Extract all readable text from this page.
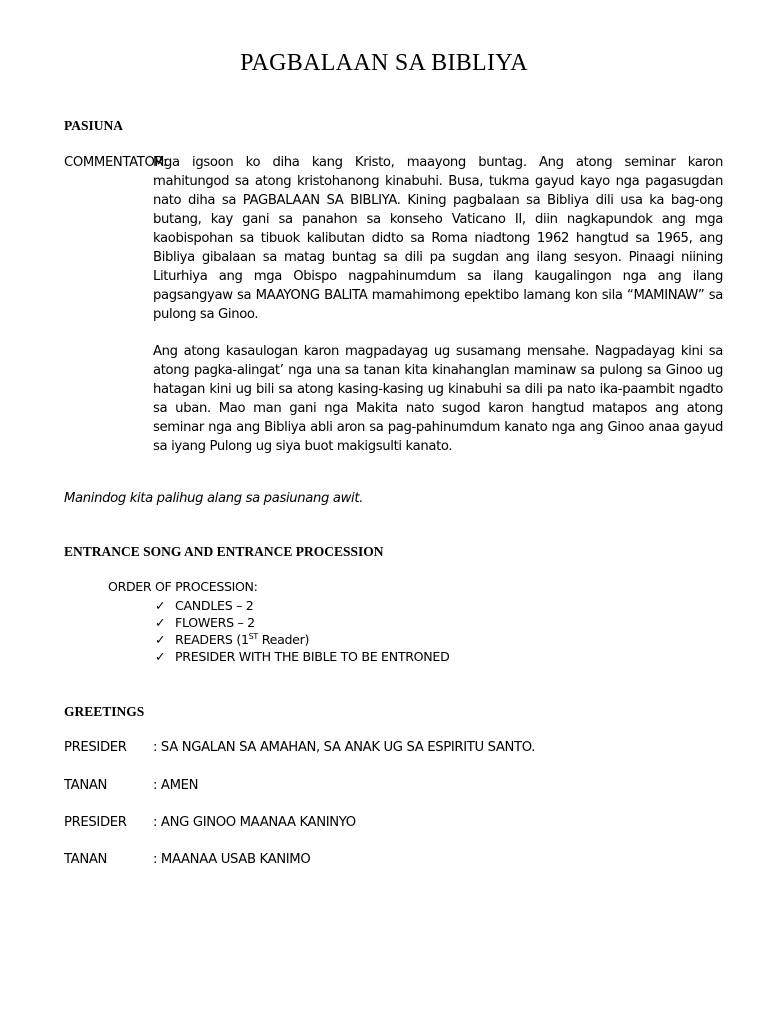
PAGBALAAN SA BIBLIYA
PASIUNA
COMMENTATOR:Mga igsoon ko diha kang Kristo, maayong buntag. Ang atong seminar karon
mahitungod sa atong kristohanong kinabuhi. Busa, tukma gayud kayo nga pagasugdan nato diha sa PAGBALAAN SA BIBLIYA. Kining pagbalaan sa Bibliya dili usa ka bag-ong butang, kay gani sa panahon sa konseho Vaticano II, diin nagkapundok ang mga kaobispohan sa tibuok kalibutan didto sa Roma niadtong 1962 hangtud sa 1965, ang Bibliya gibalaan sa matag buntag sa dili pa sugdan ang ilang sesyon. Pinaagi niining Liturhiya ang mga Obispo nagpahinumdum sa ilang kaugalingon nga ang ilang pagsangyaw sa MAAYONG BALITA mamahimong epektibo lamang kon sila “MAMINAW” sa pulong sa Ginoo.
Ang atong kasaulogan karon magpadayag ug susamang mensahe. Nagpadayag kini sa atong pagka-alingat’ nga una sa tanan kita kinahanglan maminaw sa pulong sa Ginoo ug hatagan kini ug bili sa atong kasing-kasing ug kinabuhi sa dili pa nato ika-paambit ngadto sa uban. Mao man gani nga Makita nato sugod karon hangtud matapos ang atong seminar nga ang Bibliya abli aron sa pag-pahinumdum kanato nga ang Ginoo anaa gayud sa iyang Pulong ug siya buot makigsulti kanato.
Manindog kita palihug alang sa pasiunang awit.
ENTRANCE SONG AND ENTRANCE PROCESSION
ORDER OF PROCESSION:
✓ CANDLES – 2
✓ FLOWERS – 2
✓ READERS (1ST Reader)
✓ PRESIDER WITH THE BIBLE TO BE ENTRONED
GREETINGS
PRESIDER : SA NGALAN SA AMAHAN, SA ANAK UG SA ESPIRITU SANTO.
TANAN	: AMEN
PRESIDER : ANG GINOO MAANAA KANINYO
TANAN	: MAANAA USAB KANIMO
